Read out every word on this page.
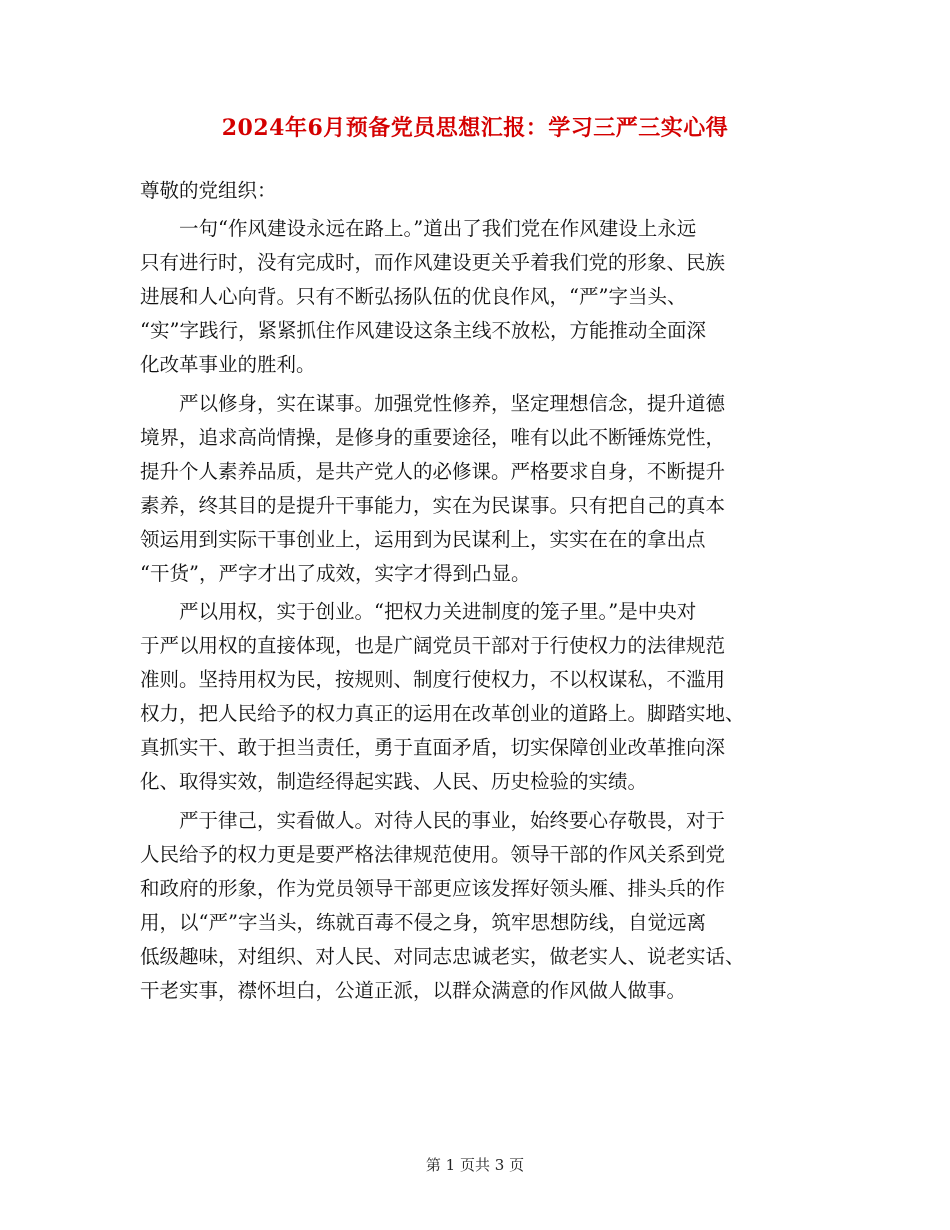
2024年6月预备党员思想汇报：学习三严三实心得

尊敬的党组织：

　　一句“作风建设永远在路上。”道出了我们党在作风建设上永远
只有进行时，没有完成时，而作风建设更关乎着我们党的形象、民族
进展和人心向背。只有不断弘扬队伍的优良作风，“严”字当头、
“实”字践行，紧紧抓住作风建设这条主线不放松，方能推动全面深
化改革事业的胜利。
　　严以修身，实在谋事。加强党性修养，坚定理想信念，提升道德
境界，追求高尚情操，是修身的重要途径，唯有以此不断锤炼党性，
提升个人素养品质，是共产党人的必修课。严格要求自身，不断提升
素养，终其目的是提升干事能力，实在为民谋事。只有把自己的真本
领运用到实际干事创业上，运用到为民谋利上，实实在在的拿出点
“干货”，严字才出了成效，实字才得到凸显。
　　严以用权，实于创业。“把权力关进制度的笼子里。”是中央对
于严以用权的直接体现，也是广阔党员干部对于行使权力的法律规范
准则。坚持用权为民，按规则、制度行使权力，不以权谋私，不滥用
权力，把人民给予的权力真正的运用在改革创业的道路上。脚踏实地、
真抓实干、敢于担当责任，勇于直面矛盾，切实保障创业改革推向深
化、取得实效，制造经得起实践、人民、历史检验的实绩。
　　严于律己，实看做人。对待人民的事业，始终要心存敬畏，对于
人民给予的权力更是要严格法律规范使用。领导干部的作风关系到党
和政府的形象，作为党员领导干部更应该发挥好领头雁、排头兵的作
用，以“严”字当头，练就百毒不侵之身，筑牢思想防线，自觉远离
低级趣味，对组织、对人民、对同志忠诚老实，做老实人、说老实话、
干老实事，襟怀坦白，公道正派，以群众满意的作风做人做事。
第 1 页共 3 页
